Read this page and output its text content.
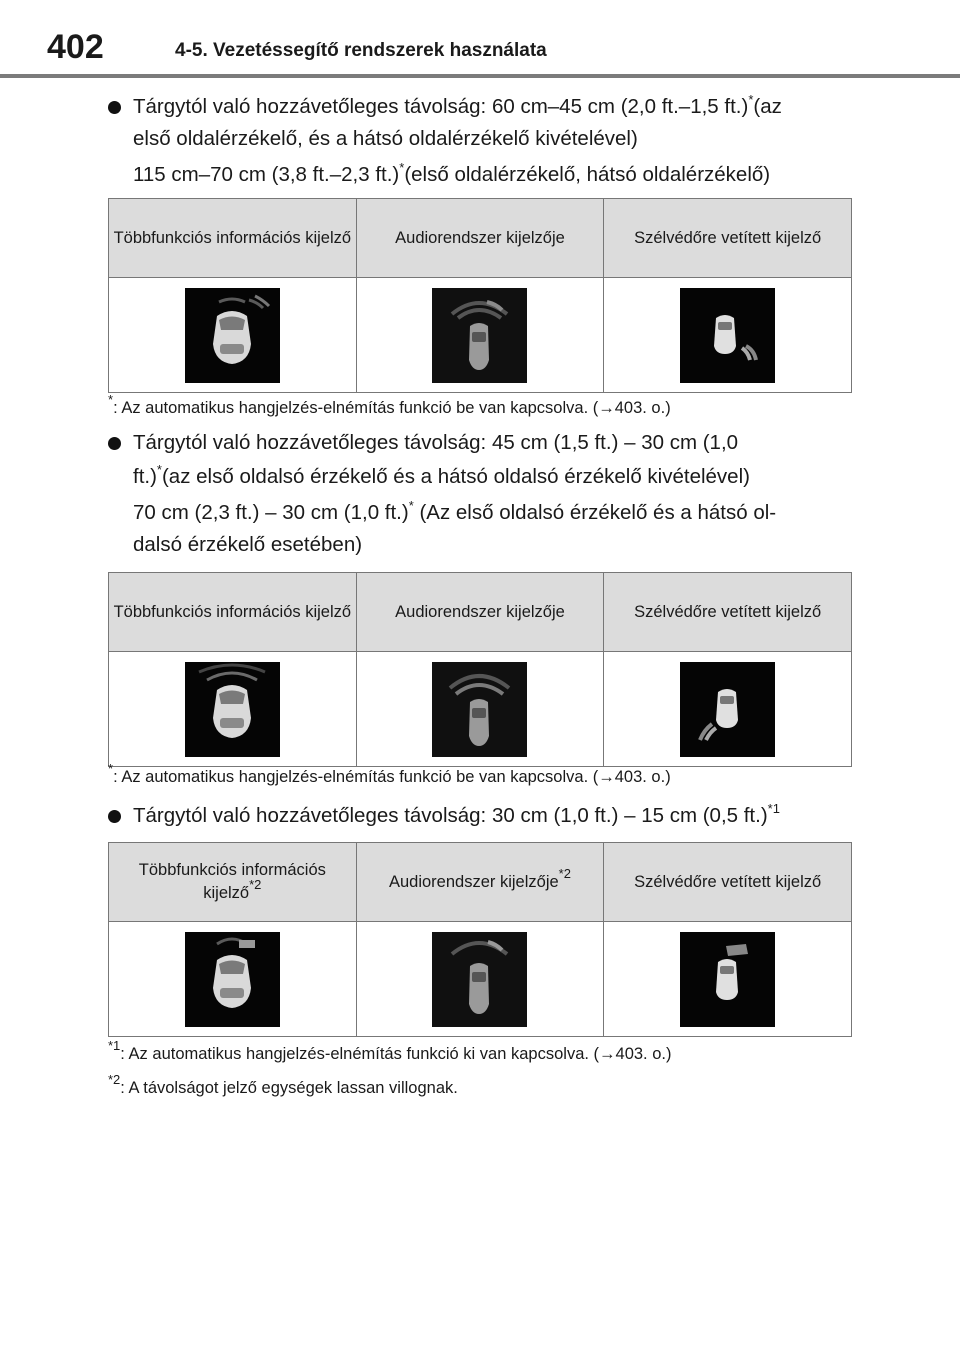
402	4-5. Vezetéssegítő rendszerek használata
Tárgytól való hozzávetőleges távolság: 60 cm–45 cm (2,0 ft.–1,5 ft.)*(az
első oldalérzékelő, és a hátsó oldalérzékelő kivételével)
115 cm–70 cm (3,8 ft.–2,3 ft.)*(első oldalérzékelő, hátsó oldalérzékelő)
Többfunkciós információs kijelző	Audiorendszer kijelzője	Szélvédőre vetített kijelző

*: Az automatikus hangjelzés-elnémítás funkció be van kapcsolva. (→403. o.)
Tárgytól való hozzávetőleges távolság: 45 cm (1,5 ft.) – 30 cm (1,0
ft.)*(az első oldalsó érzékelő és a hátsó oldalsó érzékelő kivételével)
70 cm (2,3 ft.) – 30 cm (1,0 ft.)* (Az első oldalsó érzékelő és a hátsó ol-
dalsó érzékelő esetében)
Többfunkciós információs kijelző	Audiorendszer kijelzője	Szélvédőre vetített kijelző

*: Az automatikus hangjelzés-elnémítás funkció be van kapcsolva. (→403. o.)
Tárgytól való hozzávetőleges távolság: 30 cm (1,0 ft.) – 15 cm (0,5 ft.)$^{*1}$
Többfunkciós információs kijelző$^{*2}$	Audiorendszer kijelzője$^{*2}$	Szélvédőre vetített kijelző

$^{*1}$: Az automatikus hangjelzés-elnémítás funkció ki van kapcsolva. (→403. o.)
$^{*2}$: A távolságot jelző egységek lassan villognak.
